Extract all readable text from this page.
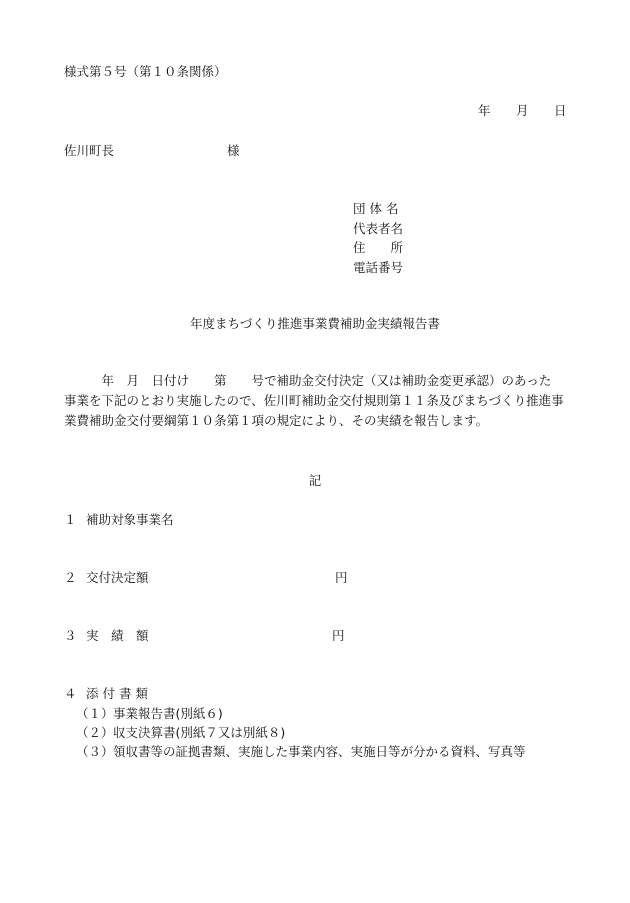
様式第５号（第１０条関係）
年 月 日
佐川町長	様
団 体 名
代表者名
住　　所
電話番号
年度まちづくり推進事業費補助金実績報告書
　　　年　月　日付け　　第　　号で補助金交付決定（又は補助金変更承認）のあった
事業を下記のとおり実施したので、佐川町補助金交付規則第１１条及びまちづくり推進事
業費補助金交付要綱第１０条第１項の規定により、その実績を報告します。
記
１ 補助対象事業名
２ 交付決定額	円
３ 実　績　額	円
４ 添 付 書 類
（１） 事業報告書(別紙６)
（２） 収支決算書(別紙７又は別紙８)
（３） 領収書等の証拠書類、実施した事業内容、実施日等が分かる資料、写真等
